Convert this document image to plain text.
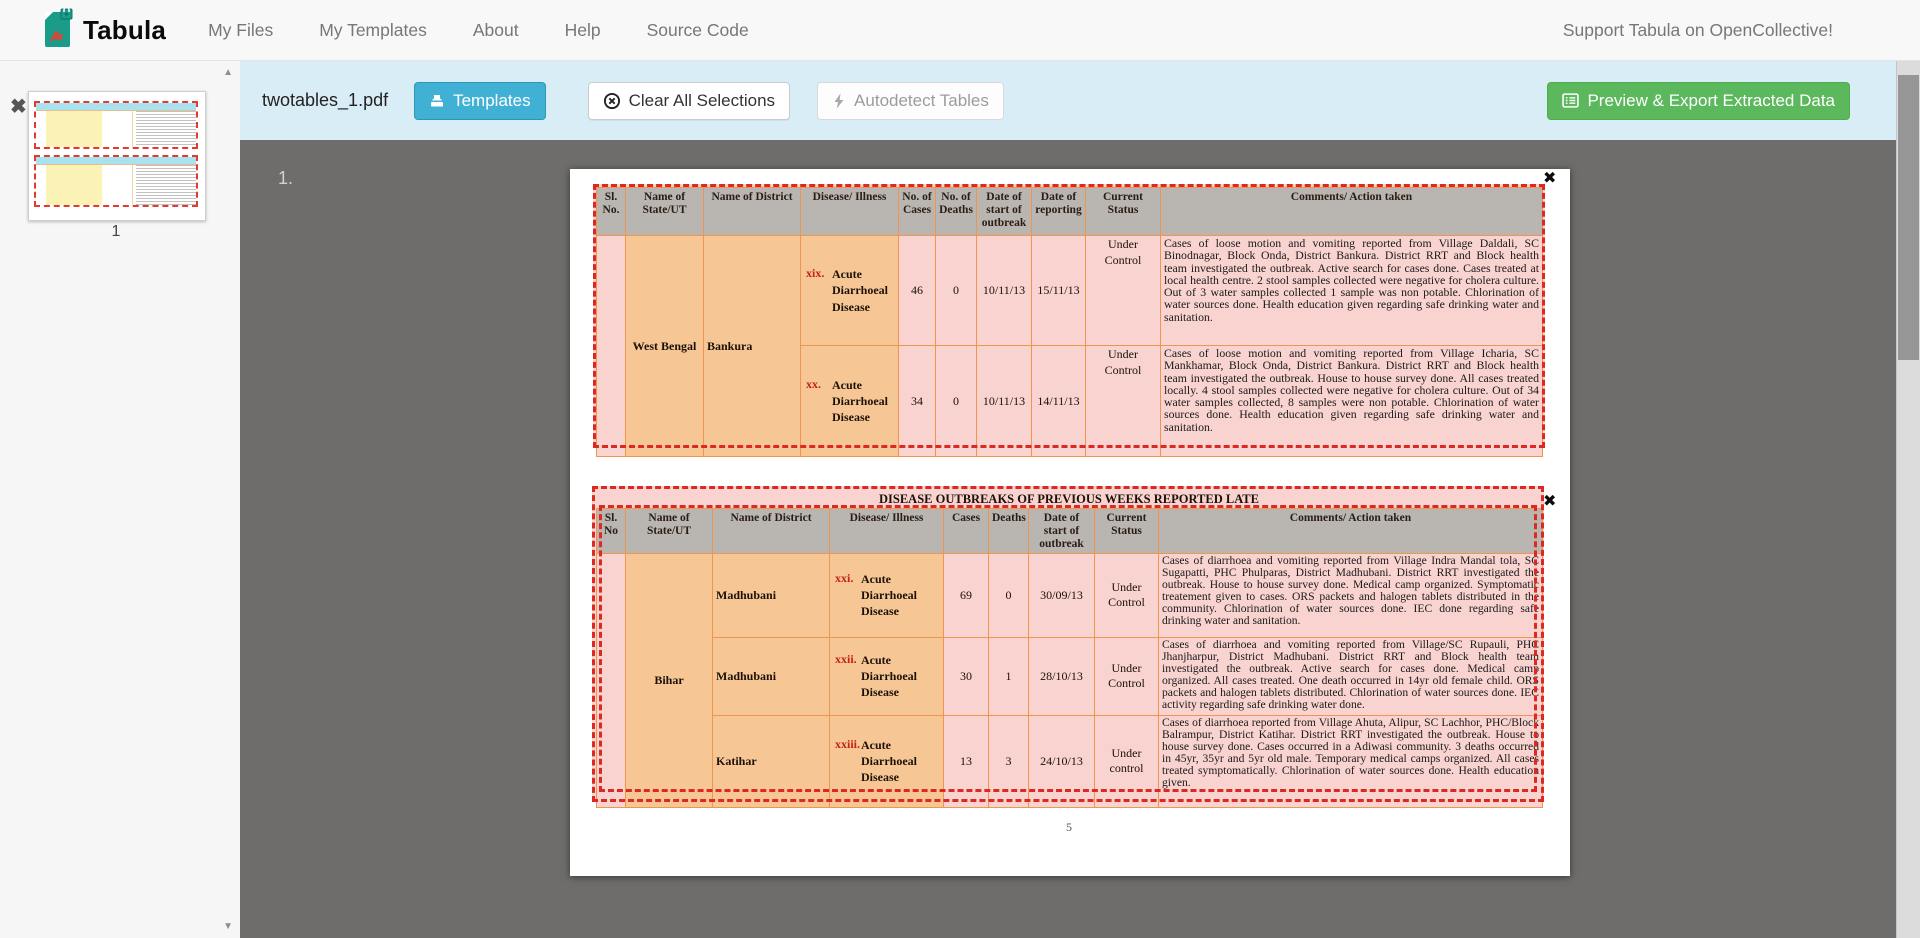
Tabula My Files	My Templates	About	Help	Source Code	Support Tabula on OpenCollective!
✖
1
▲
▼
twotables_1.pdf	Templates	Clear All Selections	Autodetect Tables	Preview & Export Extracted Data
1.
Sl. No.	Name of State/UT	Name of District	Disease/ Illness	No. of Cases	No. of Deaths	Date of start of outbreak	Date of reporting	Current Status	Comments/ Action taken
	West Bengal	Bankura	xix. Acute Diarrhoeal Disease	46	0	10/11/13	15/11/13	Under Control	Cases of loose motion and vomiting reported from Village Daldali, SC Binodnagar, Block Onda, District Bankura. District RRT and Block health team investigated the outbreak. Active search for cases done. Cases treated at local health centre. 2 stool samples collected were negative for cholera culture. Out of 3 water samples collected 1 sample was non potable. Chlorination of water sources done. Health education given regarding safe drinking water and sanitation.

			xx. Acute Diarrhoeal Disease	34	0	10/11/13	14/11/13	Under Control	Cases of loose motion and vomiting reported from Village Icharia, SC Mankhamar, Block Onda, District Bankura. District RRT and Block health team investigated the outbreak. House to house survey done. All cases treated locally. 4 stool samples collected were negative for cholera culture. Out of 34 water samples collected, 8 samples were non potable. Chlorination of water sources done. Health education given regarding safe drinking water and sanitation.
✖
DISEASE OUTBREAKS OF PREVIOUS WEEKS REPORTED LATE
Sl. No	Name of State/UT	Name of District	Disease/ Illness	Cases	Deaths	Date of start of outbreak	Current Status	Comments/ Action taken
	Bihar	Madhubani	xxi. Acute Diarrhoeal Disease	69	0	30/09/13	Under Control	Cases of diarrhoea and vomiting reported from Village Indra Mandal tola, SC Sugapatti, PHC Phulparas, District Madhubani. District RRT investigated the outbreak. House to house survey done. Medical camp organized. Symptomatic treatement given to cases. ORS packets and halogen tablets distributed in the community. Chlorination of water sources done. IEC done regarding safe drinking water and sanitation.

		Madhubani	xxii. Acute Diarrhoeal Disease	30	1	28/10/13	Under Control	Cases of diarrhoea and vomiting reported from Village/SC Rupauli, PHC Jhanjharpur, District Madhubani. District RRT and Block health team investigated the outbreak. Active search for cases done. Medical camp organized. All cases treated. One death occurred in 14yr old female child. ORS packets and halogen tablets distributed. Chlorination of water sources done. IEC activity regarding safe drinking water done.

		Katihar	xxiii. Acute Diarrhoeal Disease	13	3	24/10/13	Under control	Cases of diarrhoea reported from Village Ahuta, Alipur, SC Lachhor, PHC/Block Balrampur, District Katihar. District RRT investigated the outbreak. House to house survey done. Cases occurred in a Adiwasi community. 3 deaths occurred in 45yr, 35yr and 5yr old male. Temporary medical camps organized. All cases treated symptomatically. Chlorination of water sources done. Health education given.
✖
5
